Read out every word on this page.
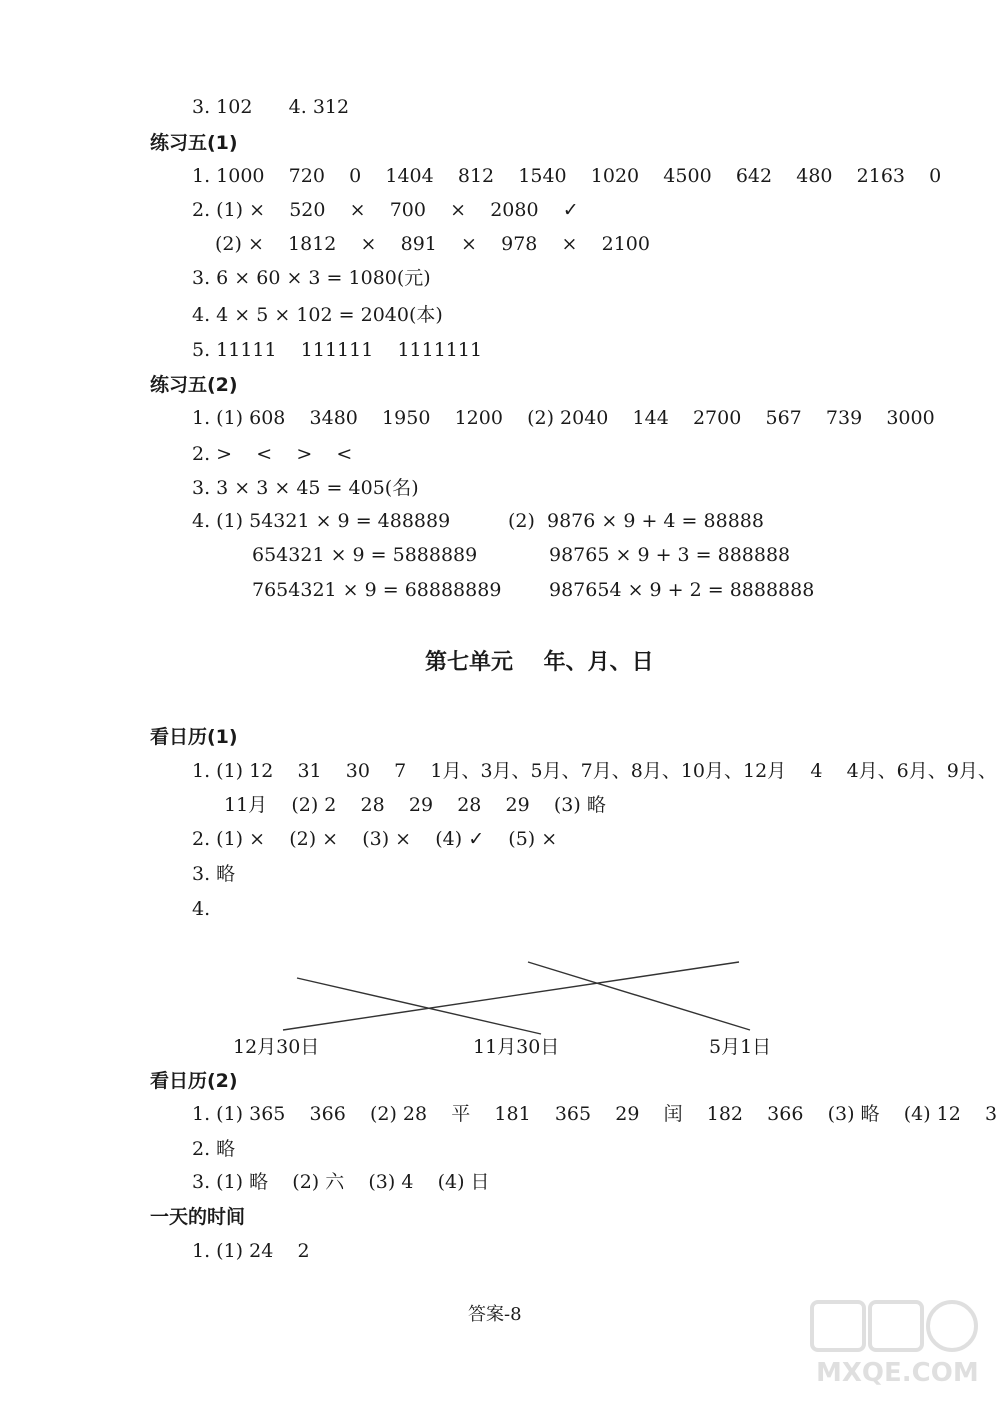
3. 102      4. 312
练习五(1)
1. 1000    720    0    1404    812    1540    1020    4500    642    480    2163    0
2. (1) ×    520    ×    700    ×    2080    ✓
(2) ×    1812    ×    891    ×    978    ×    2100
3. 6 × 60 × 3 = 1080(元)
4. 4 × 5 × 102 = 2040(本)
5. 11111    111111    1111111
练习五(2)
1. (1) 608    3480    1950    1200    (2) 2040    144    2700    567    739    3000
2. >    <    >    <
3. 3 × 3 × 45 = 405(名)
4. (1) 54321 × 9 = 488889
654321 × 9 = 5888889
7654321 × 9 = 68888889
(2)  9876 × 9 + 4 = 88888
98765 × 9 + 3 = 888888
987654 × 9 + 2 = 8888888
第七单元    年、月、日
看日历(1)
1. (1) 12    31    30    7    1月、3月、5月、7月、8月、10月、12月    4    4月、6月、9月、
11月    (2) 2    28    29    28    29    (3) 略
2. (1) ×    (2) ×    (3) ×    (4) ✓    (5) ×
3. 略
4.
12月30日	11月30日	5月1日
看日历(2)
1. (1) 365    366    (2) 28    平    181    365    29    闰    182    366    (3) 略    (4) 12    3
2. 略
3. (1) 略    (2) 六    (3) 4    (4) 日
一天的时间
1. (1) 24    2
答案-8
MXQE.COM
